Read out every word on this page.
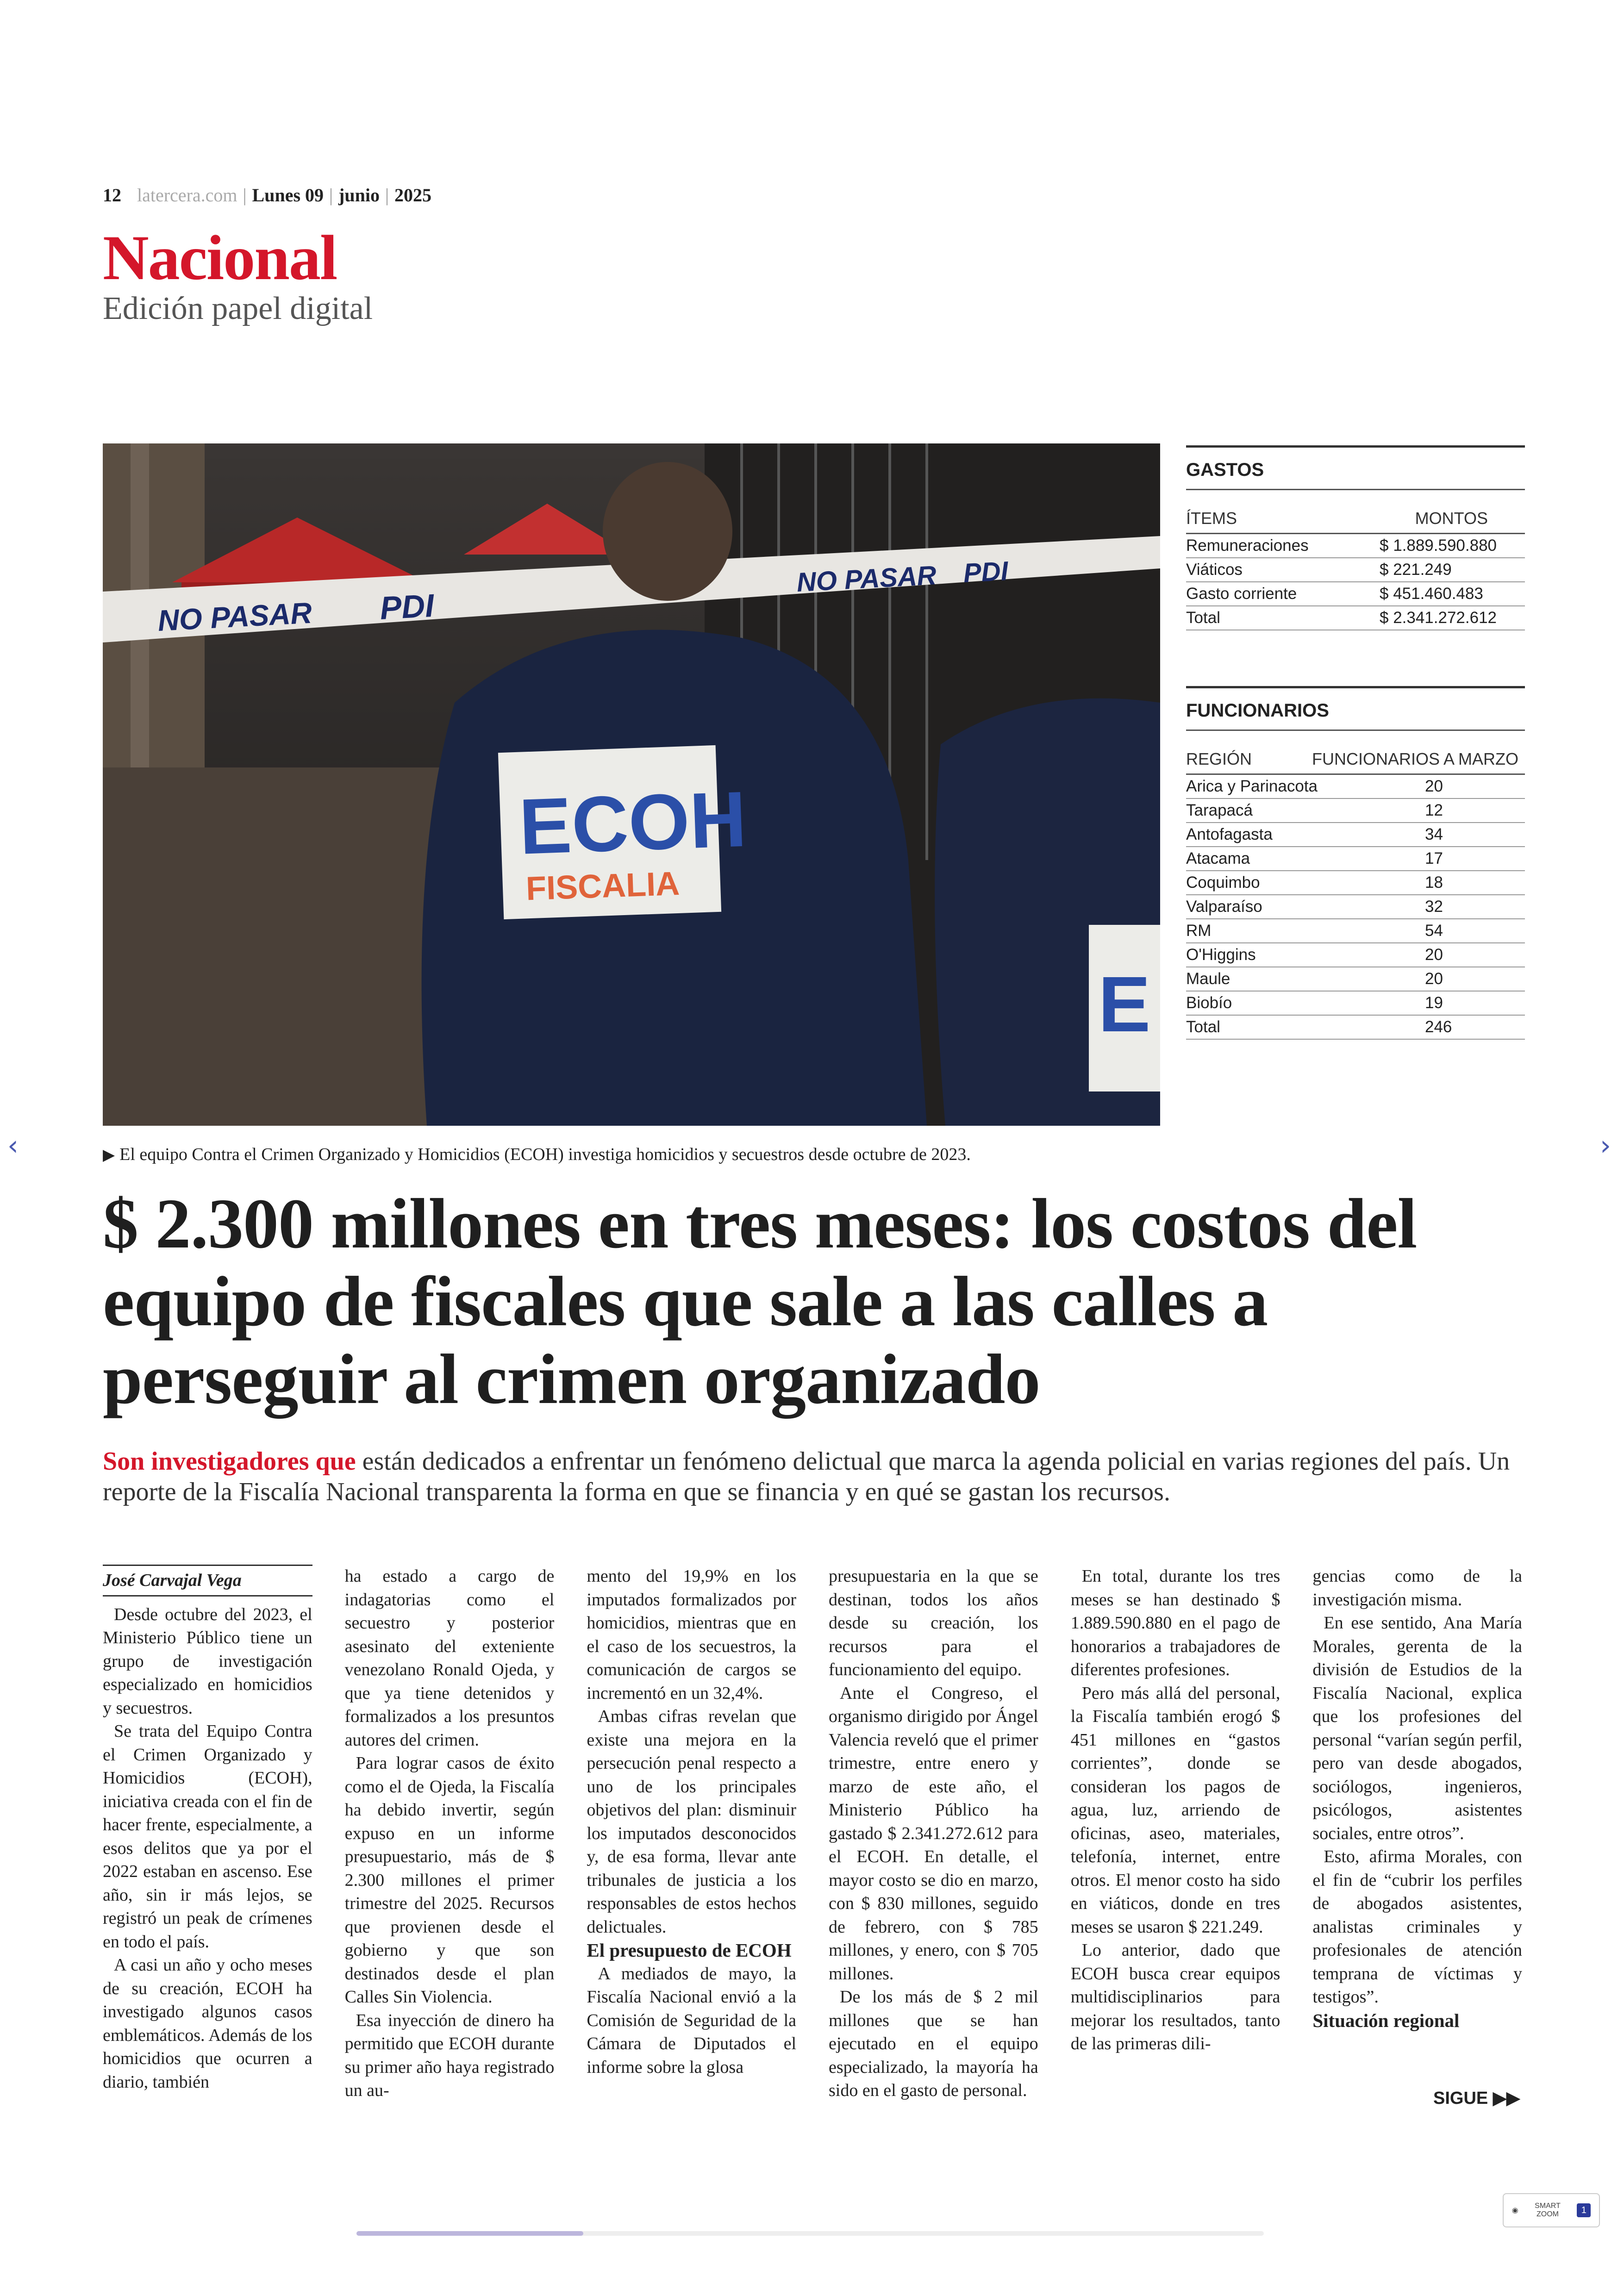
12 latercera.com | Lunes 09 | junio | 2025
Nacional
Edición papel digital
NO PASAR PDI
NO PASAR PDI
ECOH
FISCALIA
E
▶ El equipo Contra el Crimen Organizado y Homicidios (ECOH) investiga homicidios y secuestros desde octubre de 2023.
GASTOS
ÍTEMS	MONTOS
Remuneraciones	$ 1.889.590.880
Viáticos	$ 221.249
Gasto corriente	$ 451.460.483
Total	$ 2.341.272.612
FUNCIONARIOS
REGIÓN	FUNCIONARIOS A MARZO
Arica y Parinacota	20
Tarapacá	12
Antofagasta	34
Atacama	17
Coquimbo	18
Valparaíso	32
RM	54
O'Higgins	20
Maule	20
Biobío	19
Total	246
$ 2.300 millones en tres meses: los costos del equipo de fiscales que sale a las calles a perseguir al crimen organizado
Son investigadores que están dedicados a enfrentar un fenómeno delictual que marca la agenda policial en varias regiones del país. Un reporte de la Fiscalía Nacional transparenta la forma en que se financia y en qué se gastan los recursos.
José Carvajal Vega

Desde octubre del 2023, el Ministerio Público tiene un grupo de investigación especializado en homicidios y secuestros.

Se trata del Equipo Contra el Crimen Organizado y Homicidios (ECOH), iniciativa creada con el fin de hacer frente, especialmente, a esos delitos que ya por el 2022 estaban en ascenso. Ese año, sin ir más lejos, se registró un peak de crímenes en todo el país.

A casi un año y ocho meses de su creación, ECOH ha investigado algunos casos emblemáticos. Además de los homicidios que ocurren a diario, también

ha estado a cargo de indagatorias como el secuestro y posterior asesinato del exteniente venezolano Ronald Ojeda, y que ya tiene detenidos y formalizados a los presuntos autores del crimen.

Para lograr casos de éxito como el de Ojeda, la Fiscalía ha debido invertir, según expuso en un informe presupuestario, más de $ 2.300 millones el primer trimestre del 2025. Recursos que provienen desde el gobierno y que son destinados desde el plan Calles Sin Violencia.

Esa inyección de dinero ha permitido que ECOH durante su primer año haya registrado un au-

mento del 19,9% en los imputados formalizados por homicidios, mientras que en el caso de los secuestros, la comunicación de cargos se incrementó en un 32,4%.

Ambas cifras revelan que existe una mejora en la persecución penal respecto a uno de los principales objetivos del plan: disminuir los imputados desconocidos y, de esa forma, llevar ante tribunales de justicia a los responsables de estos hechos delictuales.

El presupuesto de ECOH

A mediados de mayo, la Fiscalía Nacional envió a la Comisión de Seguridad de la Cámara de Diputados el informe sobre la glosa

presupuestaria en la que se destinan, todos los años desde su creación, los recursos para el funcionamiento del equipo.

Ante el Congreso, el organismo dirigido por Ángel Valencia reveló que el primer trimestre, entre enero y marzo de este año, el Ministerio Público ha gastado $ 2.341.272.612 para el ECOH. En detalle, el mayor costo se dio en marzo, con $ 830 millones, seguido de febrero, con $ 785 millones, y enero, con $ 705 millones.

De los más de $ 2 mil millones que se han ejecutado en el equipo especializado, la mayoría ha sido en el gasto de personal.

En total, durante los tres meses se han destinado $ 1.889.590.880 en el pago de honorarios a trabajadores de diferentes profesiones.

Pero más allá del personal, la Fiscalía también erogó $ 451 millones en “gastos corrientes”, donde se consideran los pagos de agua, luz, arriendo de oficinas, aseo, materiales, telefonía, internet, entre otros. El menor costo ha sido en viáticos, donde en tres meses se usaron $ 221.249.

Lo anterior, dado que ECOH busca crear equipos multidisciplinarios para mejorar los resultados, tanto de las primeras dili-

gencias como de la investigación misma.

En ese sentido, Ana María Morales, gerenta de la división de Estudios de la Fiscalía Nacional, explica que los profesiones del personal “varían según perfil, pero van desde abogados, sociólogos, ingenieros, psicólogos, asistentes sociales, entre otros”.

Esto, afirma Morales, con el fin de “cubrir los perfiles de abogados asistentes, analistas criminales y profesionales de atención temprana de víctimas y testigos”.

Situación regional

SIGUE ▶▶
‹	›
◉
SMART
ZOOM	1
